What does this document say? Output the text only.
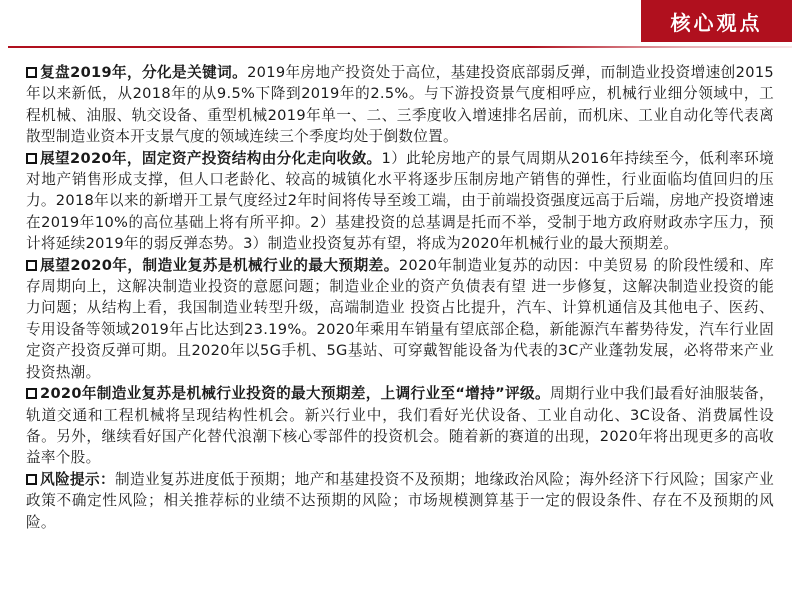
核心观点

复盘2019年，分化是关键词。2019年房地产投资处于高位，基建投资底部弱反弹，而制造业投资增速创2015年以来新低，从2018年的从9.5%下降到2019年的2.5%。与下游投资景气度相呼应，机械行业细分领域中，工程机械、油服、轨交设备、重型机械2019年单一、二、三季度收入增速排名居前，而机床、工业自动化等代表离散型制造业资本开支景气度的领域连续三个季度均处于倒数位置。

展望2020年，固定资产投资结构由分化走向收敛。1）此轮房地产的景气周期从2016年持续至今，低利率环境对地产销售形成支撑，但人口老龄化、较高的城镇化水平将逐步压制房地产销售的弹性，行业面临均值回归的压力。2018年以来的新增开工景气度经过2年时间将传导至竣工端，由于前端投资强度远高于后端，房地产投资增速在2019年10%的高位基础上将有所平抑。2）基建投资的总基调是托而不举，受制于地方政府财政赤字压力，预计将延续2019年的弱反弹态势。3）制造业投资复苏有望，将成为2020年机械行业的最大预期差。

展望2020年，制造业复苏是机械行业的最大预期差。2020年制造业复苏的动因：中美贸易 的阶段性缓和、库存周期向上，这解决制造业投资的意愿问题；制造业企业的资产负债表有望 进一步修复，这解决制造业投资的能力问题；从结构上看，我国制造业转型升级，高端制造业 投资占比提升，汽车、计算机通信及其他电子、医药、专用设备等领域2019年占比达到23.19%。2020年乘用车销量有望底部企稳，新能源汽车蓄势待发，汽车行业固定资产投资反弹可期。且2020年以5G手机、5G基站、可穿戴智能设备为代表的3C产业蓬勃发展，必将带来产业投资热潮。

2020年制造业复苏是机械行业投资的最大预期差，上调行业至“增持”评级。周期行业中我们最看好油服装备，轨道交通和工程机械将呈现结构性机会。新兴行业中，我们看好光伏设备、工业自动化、3C设备、消费属性设备。另外，继续看好国产化替代浪潮下核心零部件的投资机会。随着新的赛道的出现，2020年将出现更多的高收益率个股。

风险提示：制造业复苏进度低于预期；地产和基建投资不及预期；地缘政治风险；海外经济下行风险；国家产业政策不确定性风险；相关推荐标的业绩不达预期的风险；市场规模测算基于一定的假设条件、存在不及预期的风险。
